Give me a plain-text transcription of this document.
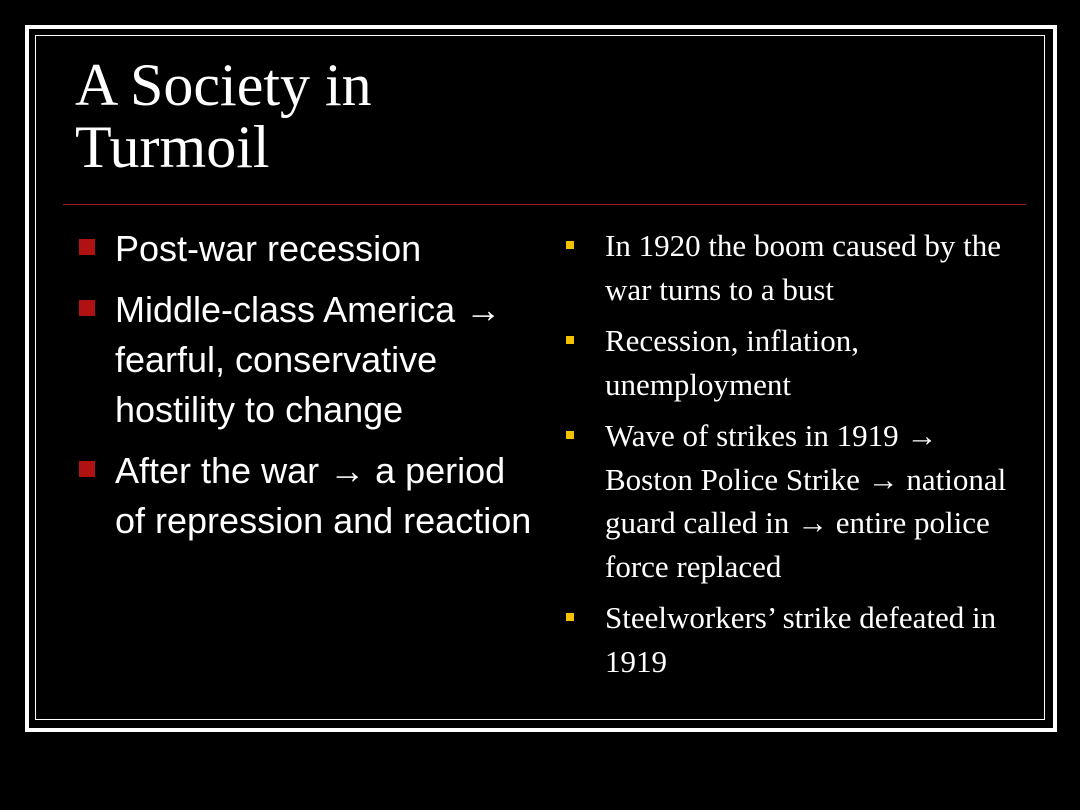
A Society in
Turmoil
Post-war recession
Middle-class America → fearful, conservative hostility to change
After the war → a period of repression and reaction
In 1920 the boom caused by the war turns to a bust
Recession, inflation, unemployment
Wave of strikes in 1919 → Boston Police Strike → national guard called in → entire police force replaced
Steelworkers’ strike defeated in 1919
